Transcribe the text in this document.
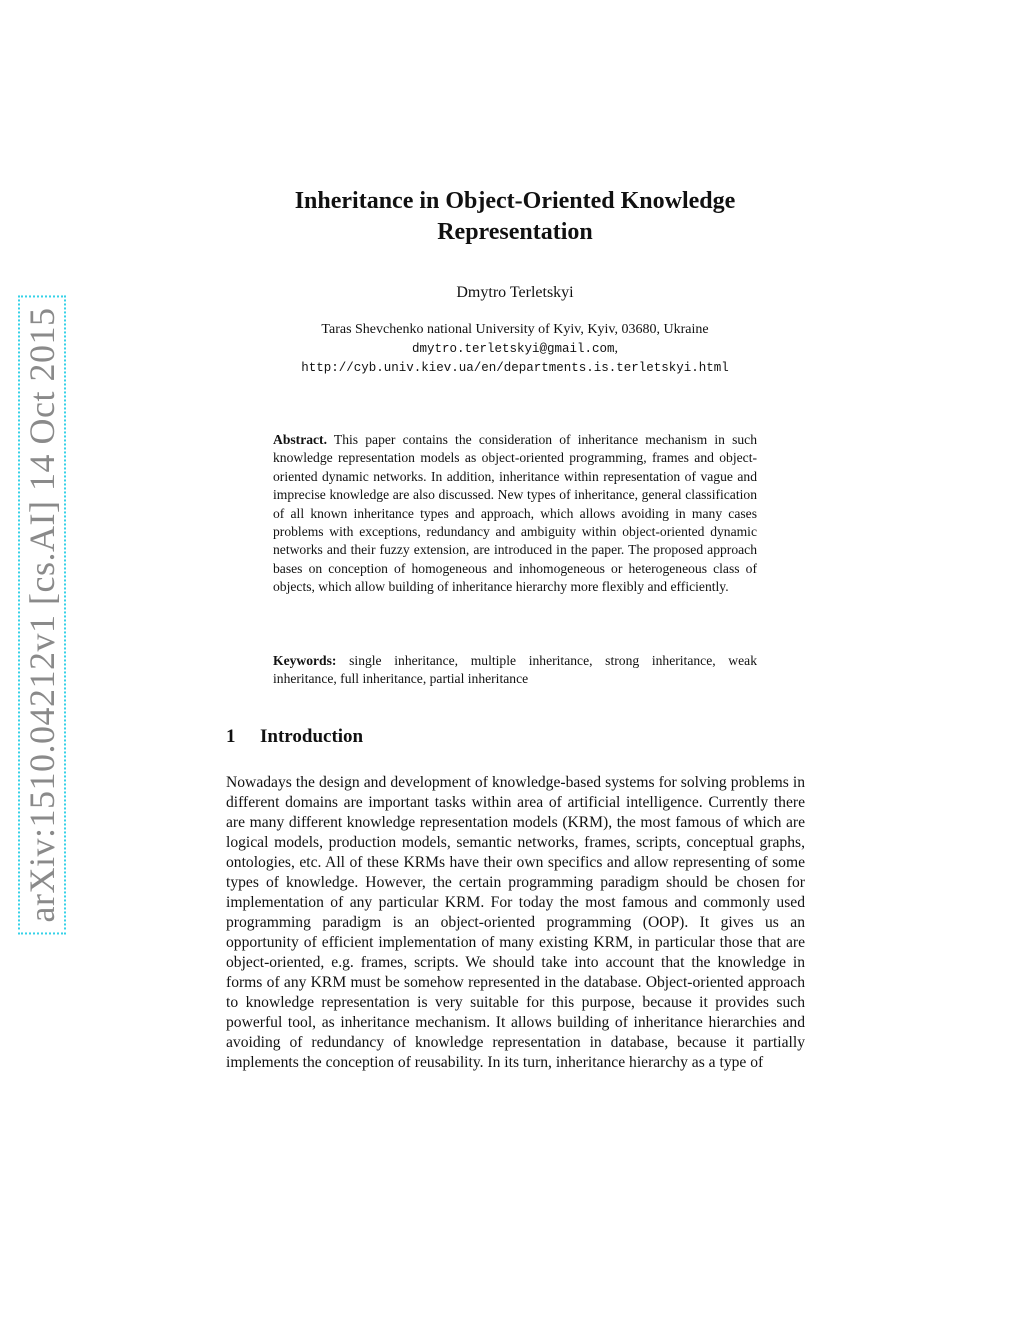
arXiv:1510.04212v1 [cs.AI] 14 Oct 2015
Inheritance in Object-Oriented Knowledge
Representation
Dmytro Terletskyi
Taras Shevchenko national University of Kyiv, Kyiv, 03680, Ukraine
dmytro.terletskyi@gmail.com,
http://cyb.univ.kiev.ua/en/departments.is.terletskyi.html
Abstract. This paper contains the consideration of inheritance mechanism in such knowledge representation models as object-oriented programming, frames and object-oriented dynamic networks. In addition, inheritance within representation of vague and imprecise knowledge are also discussed. New types of inheritance, general classification of all known inheritance types and approach, which allows avoiding in many cases problems with exceptions, redundancy and ambiguity within object-oriented dynamic networks and their fuzzy extension, are introduced in the paper. The proposed approach bases on conception of homogeneous and inhomogeneous or heterogeneous class of objects, which allow building of inheritance hierarchy more flexibly and efficiently.
Keywords: single inheritance, multiple inheritance, strong inheritance, weak inheritance, full inheritance, partial inheritance
1 Introduction
Nowadays the design and development of knowledge-based systems for solving problems in different domains are important tasks within area of artificial intelligence. Currently there are many different knowledge representation models (KRM), the most famous of which are logical models, production models, semantic networks, frames, scripts, conceptual graphs, ontologies, etc. All of these KRMs have their own specifics and allow representing of some types of knowledge. However, the certain programming paradigm should be chosen for implementation of any particular KRM. For today the most famous and commonly used programming paradigm is an object-oriented programming (OOP). It gives us an opportunity of efficient implementation of many existing KRM, in particular those that are object-oriented, e.g. frames, scripts. We should take into account that the knowledge in forms of any KRM must be somehow represented in the database. Object-oriented approach to knowledge representation is very suitable for this purpose, because it provides such powerful tool, as inheritance mechanism. It allows building of inheritance hierarchies and avoiding of redundancy of knowledge representation in database, because it partially implements the conception of reusability. In its turn, inheritance hierarchy as a type of
